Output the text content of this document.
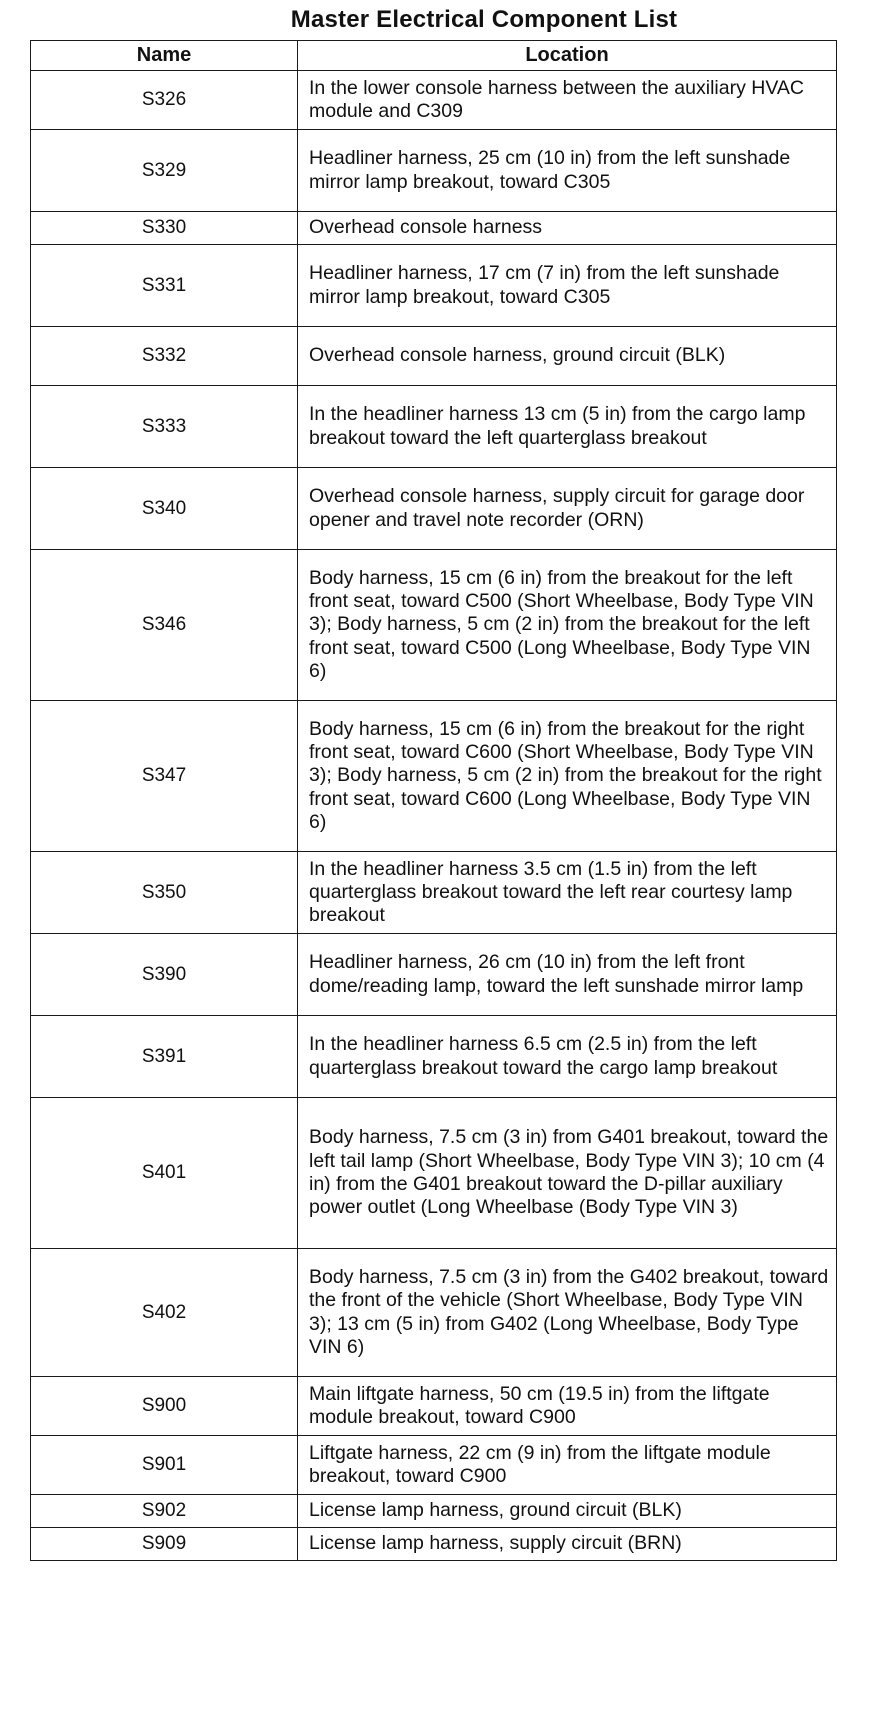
Master Electrical Component List
Name	Location
S326	In the lower console harness between the auxiliary HVAC module and C309
S329	Headliner harness, 25 cm (10 in) from the left sunshade mirror lamp breakout, toward C305
S330	Overhead console harness
S331	Headliner harness, 17 cm (7 in) from the left sunshade mirror lamp breakout, toward C305
S332	Overhead console harness, ground circuit (BLK)
S333	In the headliner harness 13 cm (5 in) from the cargo lamp breakout toward the left quarterglass breakout
S340	Overhead console harness, supply circuit for garage door opener and travel note recorder (ORN)
S346	Body harness, 15 cm (6 in) from the breakout for the left front seat, toward C500 (Short Wheelbase, Body Type VIN 3); Body harness, 5 cm (2 in) from the breakout for the left front seat, toward C500 (Long Wheelbase, Body Type VIN 6)
S347	Body harness, 15 cm (6 in) from the breakout for the right front seat, toward C600 (Short Wheelbase, Body Type VIN 3); Body harness, 5 cm (2 in) from the breakout for the right front seat, toward C600 (Long Wheelbase, Body Type VIN 6)
S350	In the headliner harness 3.5 cm (1.5 in) from the left quarterglass breakout toward the left rear courtesy lamp breakout
S390	Headliner harness, 26 cm (10 in) from the left front dome/reading lamp, toward the left sunshade mirror lamp
S391	In the headliner harness 6.5 cm (2.5 in) from the left quarterglass breakout toward the cargo lamp breakout
S401	Body harness, 7.5 cm (3 in) from G401 breakout, toward the left tail lamp (Short Wheelbase, Body Type VIN 3); 10 cm (4 in) from the G401 breakout toward the D-pillar auxiliary power outlet (Long Wheelbase (Body Type VIN 3)
S402	Body harness, 7.5 cm (3 in) from the G402 breakout, toward the front of the vehicle (Short Wheelbase, Body Type VIN 3); 13 cm (5 in) from G402 (Long Wheelbase, Body Type VIN 6)
S900	Main liftgate harness, 50 cm (19.5 in) from the liftgate module breakout, toward C900
S901	Liftgate harness, 22 cm (9 in) from the liftgate module breakout, toward C900
S902	License lamp harness, ground circuit (BLK)
S909	License lamp harness, supply circuit (BRN)
